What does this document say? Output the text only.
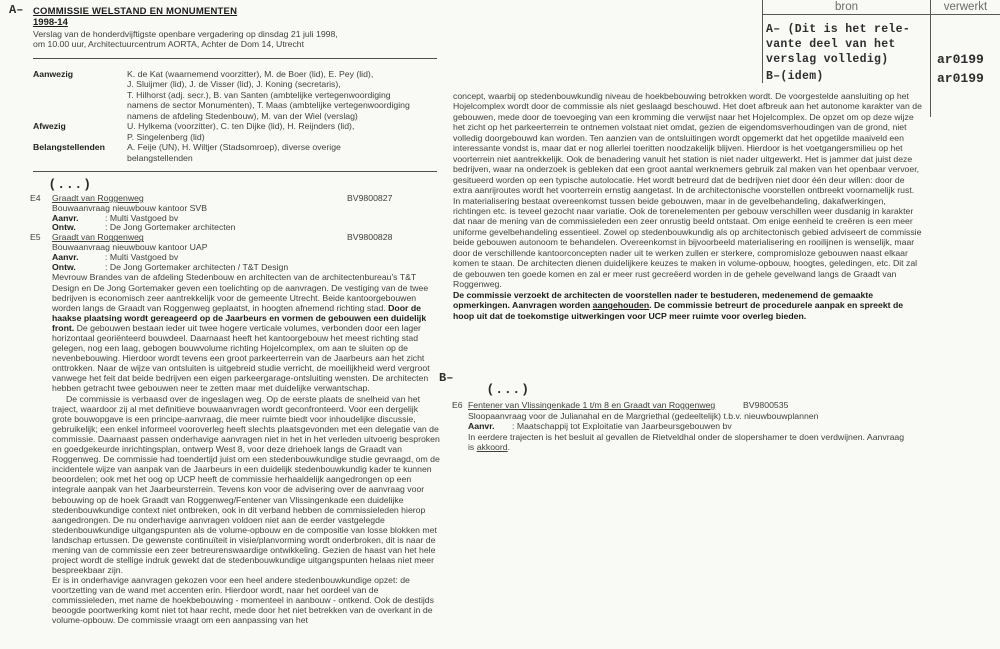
A– COMMISSIE WELSTAND EN MONUMENTEN
1998-14
Verslag van de honderdvijftigste openbare vergadering op dinsdag 21 juli 1998,
om 10.00 uur, Architectuurcentrum AORTA, Achter de Dom 14, Utrecht
Aanwezig	K. de Kat (waarnemend voorzitter), M. de Boer (lid), E. Pey (lid),
J. Sluijmer (lid), J. de Visser (lid), J. Koning (secretaris),
T. Hilhorst (adj. secr.), B. van Santen (ambtelijke vertegenwoordiging
namens de sector Monumenten), T. Maas (ambtelijke vertegenwoordiging
namens de afdeling Stedenbouw), M. van der Wiel (verslag)
Afwezig	U. Hylkema (voorzitter), C. ten Dijke (lid), H. Reijnders (lid),
P. Singelenberg (lid)
Belangstellenden	A. Feije (UN), H. Wiltjer (Stadsomroep), diverse overige
belangstellenden
(...)
E4	Graadt van Roggenweg
Bouwaanvraag nieuwbouw kantoor SVB
Aanvr.	: Multi Vastgoed bv
Ontw.	: De Jong Gortemaker architecten
BV9800827
E5	Graadt van Roggenweg
Bouwaanvraag nieuwbouw kantoor UAP
Aanvr.	: Multi Vastgoed bv
Ontw.	: De Jong Gortemaker architecten / T&T Design
BV9800828
Mevrouw Brandes van de afdeling Stedenbouw en architecten van de architectenbureau's T&T Design en De Jong Gortemaker geven een toelichting op de aanvragen. De vestiging van de twee bedrijven is economisch zeer aantrekkelijk voor de gemeente Utrecht. Beide kantoorgebouwen worden langs de Graadt van Roggenweg geplaatst, in hoogten afnemend richting stad. Door de haakse plaatsing wordt gereageerd op de Jaarbeurs en vormen de gebouwen een duidelijk front. De gebouwen bestaan ieder uit twee hogere verticale volumes, verbonden door een lager horizontaal georiënteerd bouwdeel. Daarnaast heeft het kantoorgebouw het meest richting stad gelegen, nog een laag, gebogen bouwvolume richting Hojelcomplex, om aan te sluiten op de nevenbebouwing. Hierdoor wordt tevens een groot parkeerterrein van de Jaarbeurs aan het zicht onttrokken. Naar de wijze van ontsluiten is uitgebreid studie verricht, de moeilijkheid werd vergroot vanwege het feit dat beide bedrijven een eigen parkeergarage-ontsluiting wensten. De architecten hebben getracht twee gebouwen neer te zetten maar met duidelijke verwantschap.
De commissie is verbaasd over de ingeslagen weg. Op de eerste plaats de snelheid van het traject, waardoor zij al met definitieve bouwaanvragen wordt geconfronteerd. Voor een dergelijk grote bouwopgave is een principe-aanvraag, die meer ruimte biedt voor inhoudelijke discussie, gebruikelijk; een enkel informeel vooroverleg heeft slechts plaatsgevonden met een delegatie van de commissie. Daarnaast passen onderhavige aanvragen niet in het in het verleden uitvoerig besproken en goedgekeurde inrichtingsplan, ontwerp West 8, voor deze driehoek langs de Graadt van Roggenweg. De commissie had toendertijd juist om een stedenbouwkundige studie gevraagd, om de incidentele wijze van aanpak van de Jaarbeurs in een duidelijk stedenbouwkundig kader te kunnen beoordelen; ook met het oog op UCP heeft de commissie herhaaldelijk aangedrongen op een integrale aanpak van het Jaarbeursterrein. Tevens kon voor de advisering over de aanvraag voor bebouwing op de hoek Graadt van Roggenweg/Fentener van Vlissingenkade een duidelijke stedenbouwkundige context niet ontbreken, ook in dit verband hebben de commissieleden hierop aangedrongen. De nu onderhavige aanvragen voldoen niet aan de eerder vastgelegde stedenbouwkundige uitgangspunten als de volume-opbouw en de compositie van losse blokken met landschap ertussen. De gewenste continuïteit in visie/planvorming wordt onderbroken, dit is naar de mening van de commissie een zeer betreurenswaardige ontwikkeling. Gezien de haast van het hele project wordt de stellige indruk gewekt dat de stedenbouwkundige uitgangspunten helaas niet meer bespreekbaar zijn.
Er is in onderhavige aanvragen gekozen voor een heel andere stedenbouwkundige opzet: de voortzetting van de wand met accenten erin. Hierdoor wordt, naar het oordeel van de commissieleden, met name de hoekbebouwing - momenteel in aanbouw - ontkend. Ook de destijds beoogde poortwerking komt niet tot haar recht, mede door het niet betrekken van de overkant in de volume-opbouw. De commissie vraagt om een aanpassing van het
concept, waarbij op stedenbouwkundig niveau de hoekbebouwing betrokken wordt. De voorgestelde aansluiting op het Hojelcomplex wordt door de commissie als niet geslaagd beschouwd. Het doet afbreuk aan het autonome karakter van de gebouwen, mede door de toevoeging van een kromming die verwijst naar het Hojelcomplex. De opzet om op deze wijze het zicht op het parkeerterrein te ontnemen volstaat niet omdat, gezien de eigendomsverhoudingen van de grond, niet volledig doorgebouwd kan worden. Ten aanzien van de ontsluitingen wordt opgemerkt dat het opgetilde maaiveld een interessante vondst is, maar dat er nog allerlei toeritten noodzakelijk blijven. Hierdoor is het voetgangersmilieu op het voorterrein niet aantrekkelijk. Ook de benadering vanuit het station is niet nader uitgewerkt. Het is jammer dat juist deze bedrijven, waar na onderzoek is gebleken dat een groot aantal werknemers gebruik zal maken van het openbaar vervoer, gesitueerd worden op een typische autolocatie. Het wordt betreurd dat de bedrijven niet door één deur willen: door de extra aanrijroutes wordt het voorterrein ernstig aangetast. In de architectonische voorstellen ontbreekt voornamelijk rust. In materialisering bestaat overeenkomst tussen beide gebouwen, maar in de gevelbehandeling, dakafwerkingen, richtingen etc. is teveel gezocht naar variatie. Ook de torenelementen per gebouw verschillen weer dusdanig in karakter dat naar de mening van de commissieleden een zeer onrustig beeld ontstaat. Om enige eenheid te creëren is een meer uniforme gevelbehandeling essentieel. Zowel op stedenbouwkundig als op architectonisch gebied adviseert de commissie beide gebouwen autonoom te behandelen. Overeenkomst in bijvoorbeeld materialisering en rooilijnen is wenselijk, maar door de verschillende kantoorconcepten nader uit te werken zullen er sterkere, compromisloze gebouwen naast elkaar komen te staan. De architecten dienen duidelijkere keuzes te maken in volume-opbouw, hoogtes, geledingen, etc. Dit zal de gebouwen ten goede komen en zal er meer rust gecreëerd worden in de gehele gevelwand langs de Graadt van Roggenweg.
De commissie verzoekt de architecten de voorstellen nader te bestuderen, medenemend de gemaakte opmerkingen. Aanvragen worden aangehouden. De commissie betreurt de procedurele aanpak en spreekt de hoop uit dat de toekomstige uitwerkingen voor UCP meer ruimte voor overleg bieden.
B–
(...)
E6 Fentener van Vlissingenkade 1 t/m 8 en Graadt van Roggenweg
Sloopaanvraag voor de Julianahal en de Margriethal (gedeeltelijk) t.b.v. nieuwbouwplannen
Aanvr. : Maatschappij tot Exploitatie van Jaarbeursgebouwen bv
In eerdere trajecten is het besluit al gevallen de Rietveldhal onder de slopershamer te doen verdwijnen. Aanvraag is akkoord.
BV9800535
bron	verwerkt
A– (Dit is het rele-
vante deel van het
verslag volledig)	ar0199
B–(idem)	ar0199
